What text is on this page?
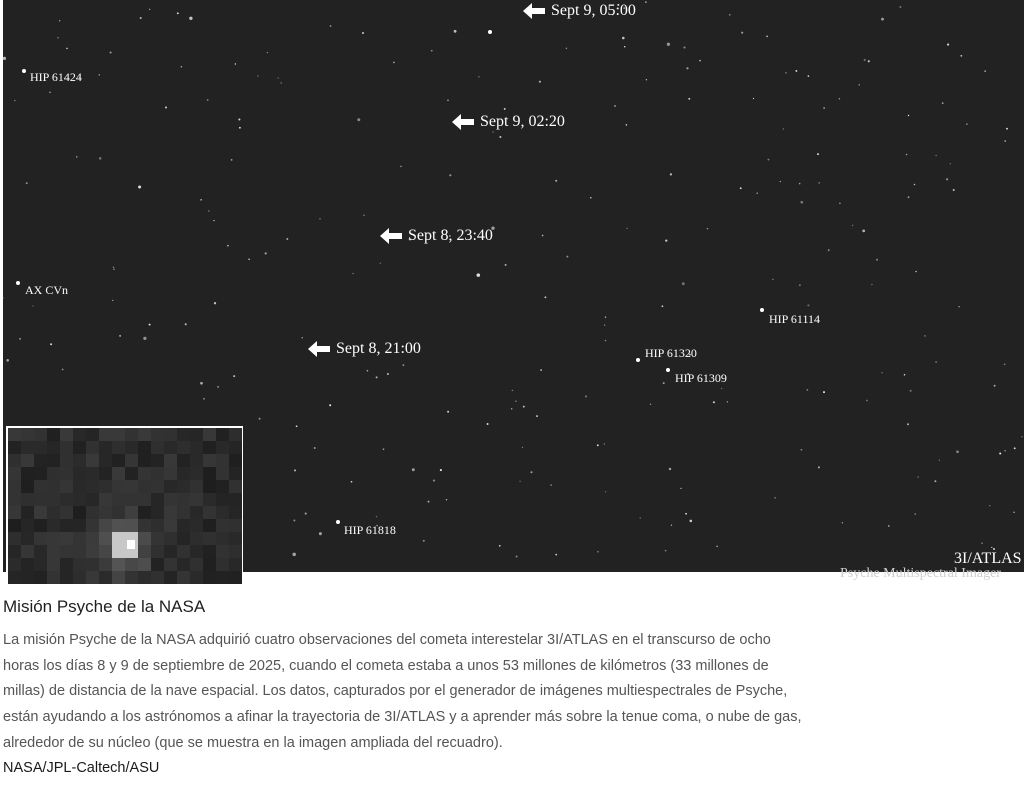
Sept 9, 05:00
Sept 9, 02:20
Sept 8, 23:40
Sept 8, 21:00
HIP 61424
AX CVn
HIP 61114
HIP 61320
HIP 61309
HIP 61818
3I/ATLAS
Psyche Multispectral Imager
Misión Psyche de la NASA

La misión Psyche de la NASA adquirió cuatro observaciones del cometa interestelar 3I/ATLAS en el transcurso de ocho horas los días 8 y 9 de septiembre de 2025, cuando el cometa estaba a unos 53 millones de kilómetros (33 millones de millas) de distancia de la nave espacial. Los datos, capturados por el generador de imágenes multiespectrales de Psyche, están ayudando a los astrónomos a afinar la trayectoria de 3I/ATLAS y a aprender más sobre la tenue coma, o nube de gas, alrededor de su núcleo (que se muestra en la imagen ampliada del recuadro).

NASA/JPL-Caltech/ASU
